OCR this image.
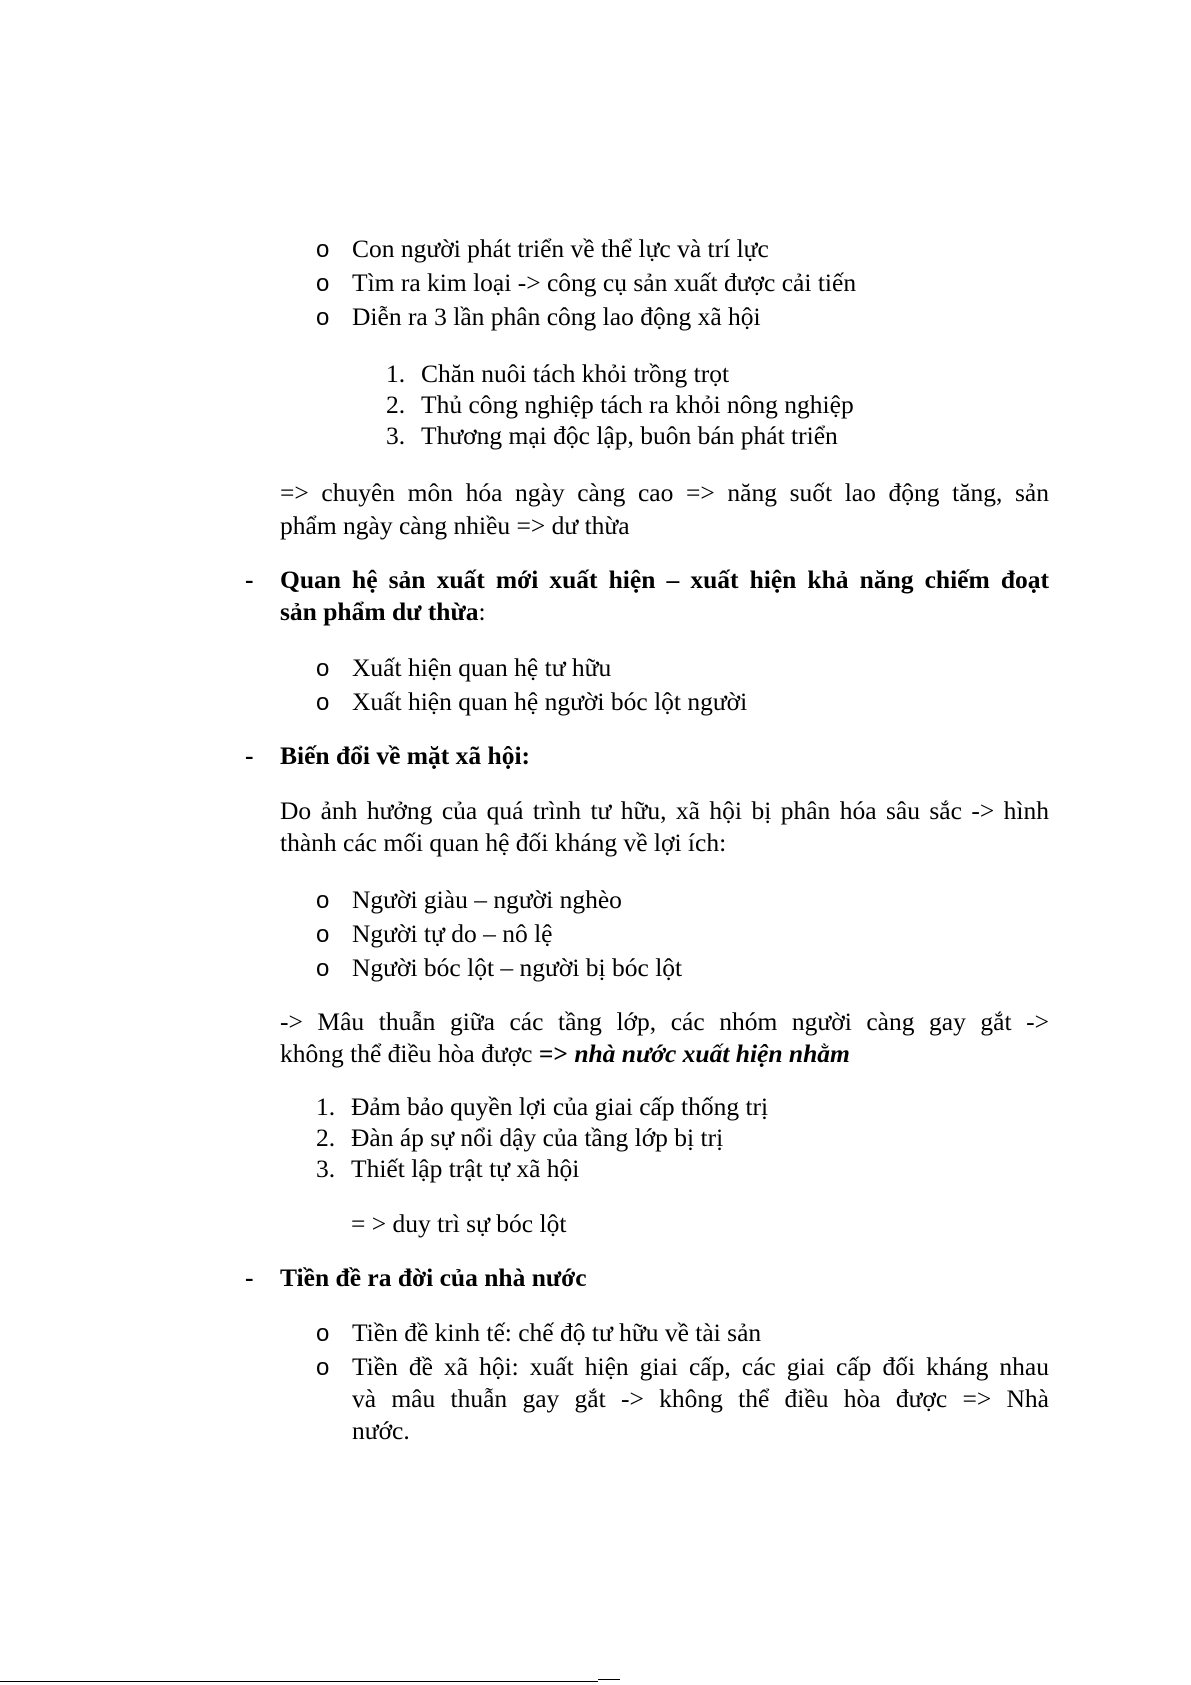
o Con người phát triển về thể lực và trí lực
o Tìm ra kim loại -> công cụ sản xuất được cải tiến
o Diễn ra 3 lần phân công lao động xã hội
1. Chăn nuôi tách khỏi trồng trọt
2. Thủ công nghiệp tách ra khỏi nông nghiệp
3. Thương mại độc lập, buôn bán phát triển
=> chuyên môn hóa ngày càng cao => năng suốt lao động tăng, sản
phẩm ngày càng nhiều => dư thừa
- Quan hệ sản xuất mới xuất hiện – xuất hiện khả năng chiếm đoạt
sản phẩm dư thừa:
o Xuất hiện quan hệ tư hữu
o Xuất hiện quan hệ người bóc lột người
- Biến đổi về mặt xã hội:
Do ảnh hưởng của quá trình tư hữu, xã hội bị phân hóa sâu sắc -> hình
thành các mối quan hệ đối kháng về lợi ích:
o Người giàu – người nghèo
o Người tự do – nô lệ
o Người bóc lột – người bị bóc lột
-> Mâu thuẫn giữa các tầng lớp, các nhóm người càng gay gắt ->
không thể điều hòa được => nhà nước xuất hiện nhằm
1. Đảm bảo quyền lợi của giai cấp thống trị
2. Đàn áp sự nổi dậy của tầng lớp bị trị
3. Thiết lập trật tự xã hội
= > duy trì sự bóc lột
- Tiền đề ra đời của nhà nước
o Tiền đề kinh tế: chế độ tư hữu về tài sản
o Tiền đề xã hội: xuất hiện giai cấp, các giai cấp đối kháng nhau
và mâu thuẫn gay gắt -> không thể điều hòa được => Nhà
nước.
